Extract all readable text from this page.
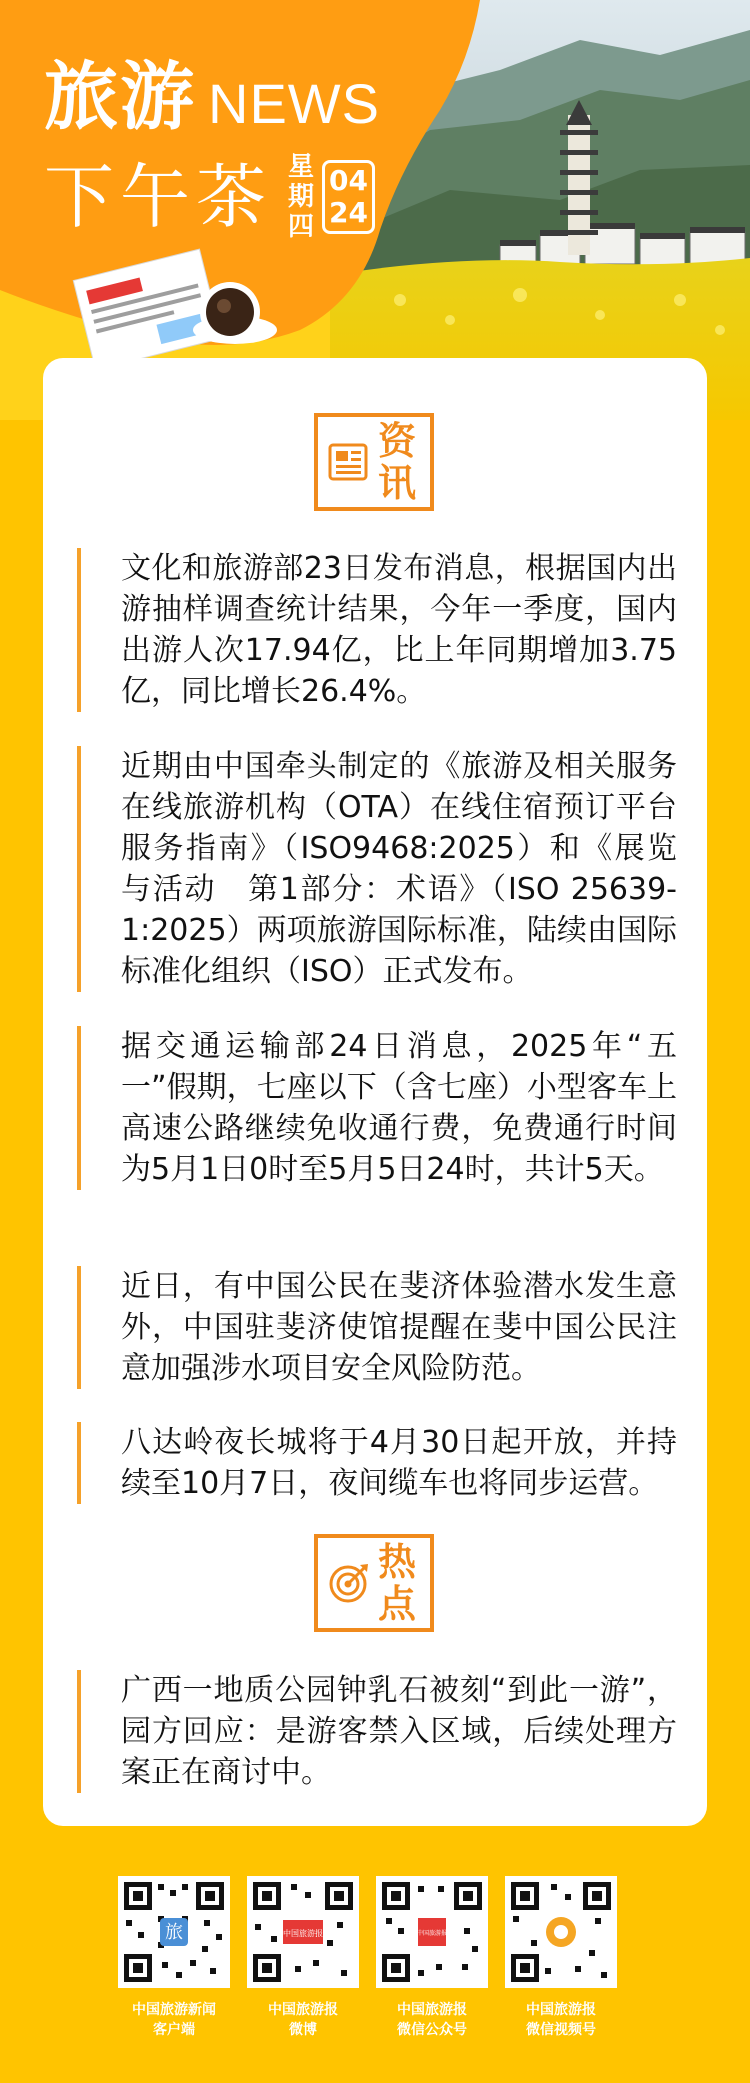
旅游 NEWS
下午茶 星期四
04
24
资讯
文化和旅游部23日发布消息，根据国内出游抽样调查统计结果，今年一季度，国内出游人次17.94亿，比上年同期增加3.75亿，同比增长26.4%。
近期由中国牵头制定的《旅游及相关服务　在线旅游机构（OTA）在线住宿预订平台服务指南》（ISO9468:2025）和《展览与活动　第1部分：术语》（ISO 25639-1:2025）两项旅游国际标准，陆续由国际标准化组织（ISO）正式发布。
据交通运输部24日消息，2025年“五一”假期，七座以下（含七座）小型客车上高速公路继续免收通行费，免费通行时间为5月1日0时至5月5日24时，共计5天。
近日，有中国公民在斐济体验潜水发生意外，中国驻斐济使馆提醒在斐中国公民注意加强涉水项目安全风险防范。
八达岭夜长城将于4月30日起开放，并持续至10月7日，夜间缆车也将同步运营。
热点
广西一地质公园钟乳石被刻“到此一游”，园方回应：是游客禁入区域，后续处理方案正在商讨中。
旅
中国旅游新闻
客户端
中国旅游报
中国旅游报
微博
中国旅游报
中国旅游报
微信公众号
中国旅游报
微信视频号
